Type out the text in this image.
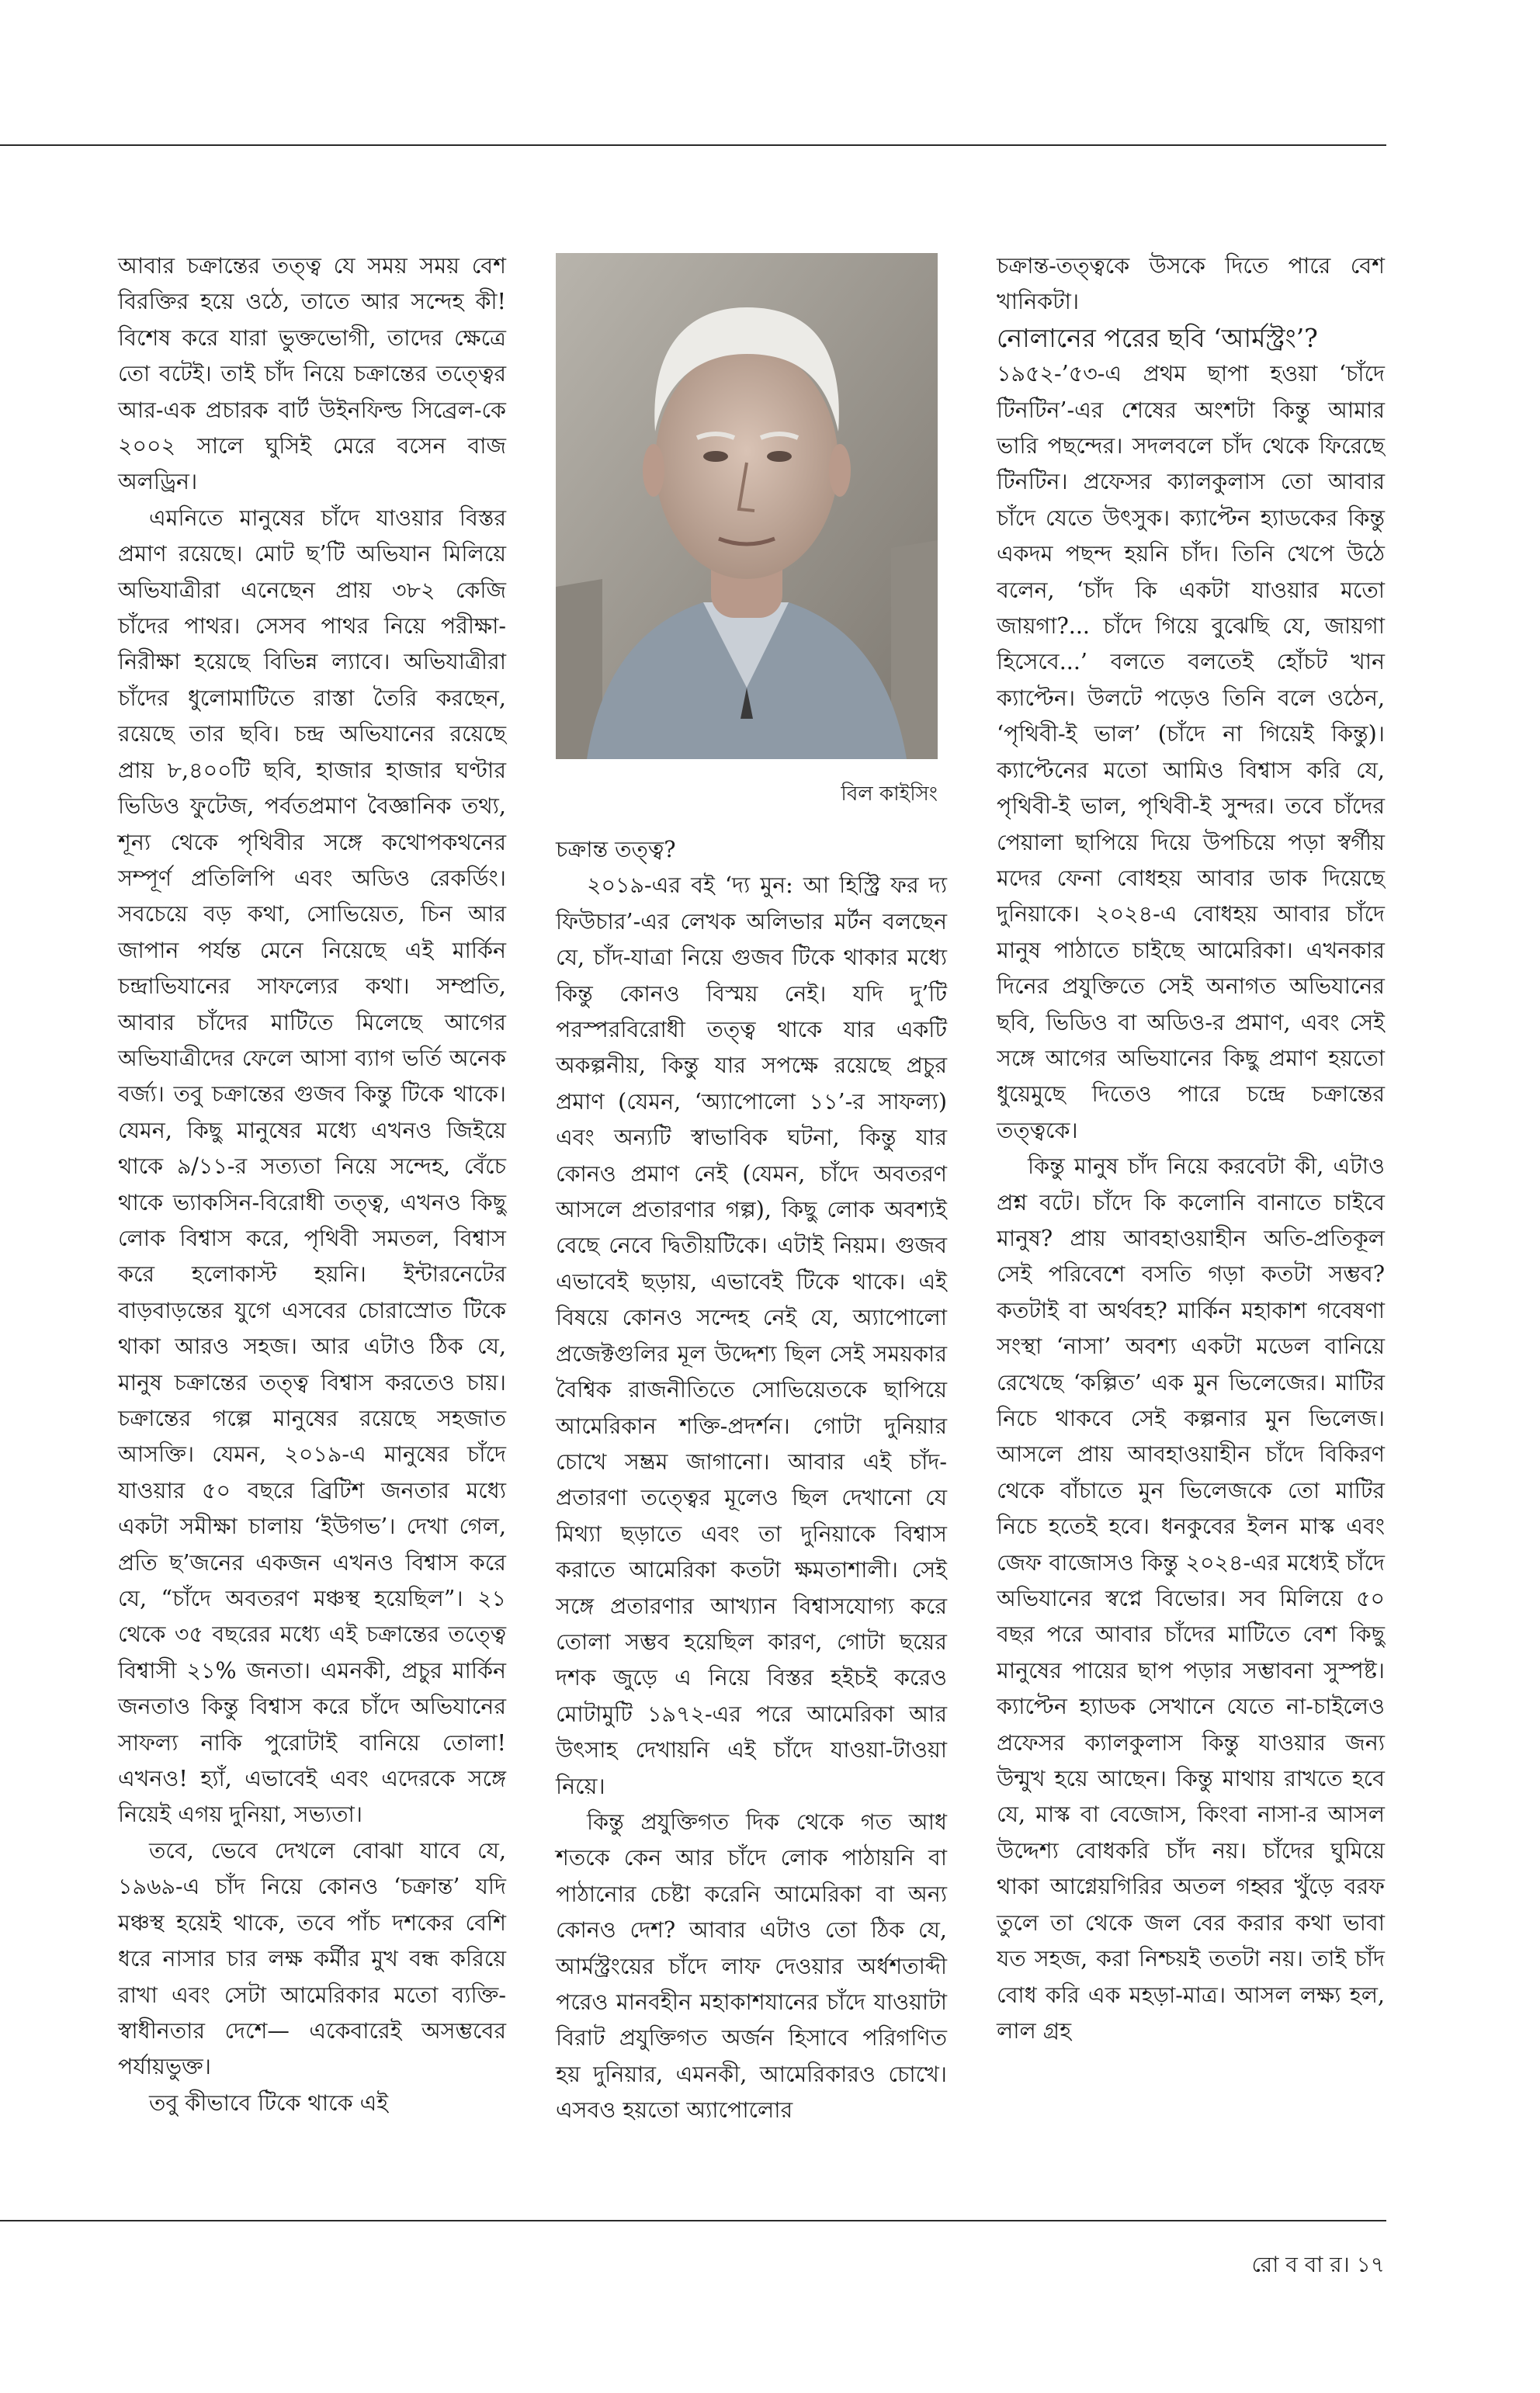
আবার চক্রান্তের তত্ত্ব যে সময় সময় বেশ বিরক্তির হয়ে ওঠে, তাতে আর সন্দেহ কী! বিশেষ করে যারা ভুক্তভোগী, তাদের ক্ষেত্রে তো বটেই। তাই চাঁদ নিয়ে চক্রান্তের তত্ত্বের আর-এক প্রচারক বার্ট উইনফিল্ড সিব্রেল-কে ২০০২ সালে ঘুসিই মেরে বসেন বাজ অলড্রিন।

এমনিতে মানুষের চাঁদে যাওয়ার বিস্তর প্রমাণ রয়েছে। মোট ছ’টি অভিযান মিলিয়ে অভিযাত্রীরা এনেছেন প্রায় ৩৮২ কেজি চাঁদের পাথর। সেসব পাথর নিয়ে পরীক্ষা-নিরীক্ষা হয়েছে বিভিন্ন ল্যাবে। অভিযাত্রীরা চাঁদের ধুলোমাটিতে রাস্তা তৈরি করছেন, রয়েছে তার ছবি। চন্দ্র অভিযানের রয়েছে প্রায় ৮,৪০০টি ছবি, হাজার হাজার ঘণ্টার ভিডিও ফুটেজ, পর্বতপ্রমাণ বৈজ্ঞানিক তথ্য, শূন্য থেকে পৃথিবীর সঙ্গে কথোপকথনের সম্পূর্ণ প্রতিলিপি এবং অডিও রেকর্ডিং। সবচেয়ে বড় কথা, সোভিয়েত, চিন আর জাপান পর্যন্ত মেনে নিয়েছে এই মার্কিন চন্দ্রাভিযানের সাফল্যের কথা। সম্প্রতি, আবার চাঁদের মাটিতে মিলেছে আগের অভিযাত্রীদের ফেলে আসা ব্যাগ ভর্তি অনেক বর্জ্য। তবু চক্রান্তের গুজব কিন্তু টিকে থাকে। যেমন, কিছু মানুষের মধ্যে এখনও জিইয়ে থাকে ৯/১১-র সত্যতা নিয়ে সন্দেহ, বেঁচে থাকে ভ্যাকসিন-বিরোধী তত্ত্ব, এখনও কিছু লোক বিশ্বাস করে, পৃথিবী সমতল, বিশ্বাস করে হলোকাস্ট হয়নি। ইন্টারনেটের বাড়বাড়ন্তের যুগে এসবের চোরাস্রোত টিকে থাকা আরও সহজ। আর এটাও ঠিক যে, মানুষ চক্রান্তের তত্ত্ব বিশ্বাস করতেও চায়। চক্রান্তের গল্পে মানুষের রয়েছে সহজাত আসক্তি। যেমন, ২০১৯-এ মানুষের চাঁদে যাওয়ার ৫০ বছরে ব্রিটিশ জনতার মধ্যে একটা সমীক্ষা চালায় ‘ইউগভ’। দেখা গেল, প্রতি ছ’জনের একজন এখনও বিশ্বাস করে যে, “চাঁদে অবতরণ মঞ্চস্থ হয়েছিল”। ২১ থেকে ৩৫ বছরের মধ্যে এই চক্রান্তের তত্ত্বে বিশ্বাসী ২১% জনতা। এমনকী, প্রচুর মার্কিন জনতাও কিন্তু বিশ্বাস করে চাঁদে অভিযানের সাফল্য নাকি পুরোটাই বানিয়ে তোলা! এখনও! হ্যাঁ, এভাবেই এবং এদেরকে সঙ্গে নিয়েই এগয় দুনিয়া, সভ্যতা।

তবে, ভেবে দেখলে বোঝা যাবে যে, ১৯৬৯-এ চাঁদ নিয়ে কোনও ‘চক্রান্ত’ যদি মঞ্চস্থ হয়েই থাকে, তবে পাঁচ দশকের বেশি ধরে নাসার চার লক্ষ কর্মীর মুখ বন্ধ করিয়ে রাখা এবং সেটা আমেরিকার মতো ব্যক্তি-স্বাধীনতার দেশে— একেবারেই অসম্ভবের পর্যায়ভুক্ত।

তবু কীভাবে টিকে থাকে এই

বিল কাইসিং

চক্রান্ত তত্ত্ব?

২০১৯-এর বই ‘দ্য মুন: আ হিস্ট্রি ফর দ্য ফিউচার’-এর লেখক অলিভার মর্টন বলছেন যে, চাঁদ-যাত্রা নিয়ে গুজব টিকে থাকার মধ্যে কিন্তু কোনও বিস্ময় নেই। যদি দু’টি পরস্পরবিরোধী তত্ত্ব থাকে যার একটি অকল্পনীয়, কিন্তু যার সপক্ষে রয়েছে প্রচুর প্রমাণ (যেমন, ‘অ্যাপোলো ১১’-র সাফল্য) এবং অন্যটি স্বাভাবিক ঘটনা, কিন্তু যার কোনও প্রমাণ নেই (যেমন, চাঁদে অবতরণ আসলে প্রতারণার গল্প), কিছু লোক অবশ্যই বেছে নেবে দ্বিতীয়টিকে। এটাই নিয়ম। গুজব এভাবেই ছড়ায়, এভাবেই টিকে থাকে। এই বিষয়ে কোনও সন্দেহ নেই যে, অ্যাপোলো প্রজেক্টগুলির মূল উদ্দেশ্য ছিল সেই সময়কার বৈশ্বিক রাজনীতিতে সোভিয়েতকে ছাপিয়ে আমেরিকান শক্তি-প্রদর্শন। গোটা দুনিয়ার চোখে সম্ভ্রম জাগানো। আবার এই চাঁদ-প্রতারণা তত্ত্বের মূলেও ছিল দেখানো যে মিথ্যা ছড়াতে এবং তা দুনিয়াকে বিশ্বাস করাতে আমেরিকা কতটা ক্ষমতাশালী। সেই সঙ্গে প্রতারণার আখ্যান বিশ্বাসযোগ্য করে তোলা সম্ভব হয়েছিল কারণ, গোটা ছয়ের দশক জুড়ে এ নিয়ে বিস্তর হইচই করেও মোটামুটি ১৯৭২-এর পরে আমেরিকা আর উৎসাহ দেখায়নি এই চাঁদে যাওয়া-টাওয়া নিয়ে।

কিন্তু প্রযুক্তিগত দিক থেকে গত আধ শতকে কেন আর চাঁদে লোক পাঠায়নি বা পাঠানোর চেষ্টা করেনি আমেরিকা বা অন্য কোনও দেশ? আবার এটাও তো ঠিক যে, আর্মস্ট্রংয়ের চাঁদে লাফ দেওয়ার অর্ধশতাব্দী পরেও মানবহীন মহাকাশযানের চাঁদে যাওয়াটা বিরাট প্রযুক্তিগত অর্জন হিসাবে পরিগণিত হয় দুনিয়ার, এমনকী, আমেরিকারও চোখে। এসবও হয়তো অ্যাপোলোর

চক্রান্ত-তত্ত্বকে উসকে দিতে পারে বেশ খানিকটা।

নোলানের পরের ছবি ‘আর্মস্ট্রং’?

১৯৫২-’৫৩-এ প্রথম ছাপা হওয়া ‘চাঁদে টিনটিন’-এর শেষের অংশটা কিন্তু আমার ভারি পছন্দের। সদলবলে চাঁদ থেকে ফিরেছে টিনটিন। প্রফেসর ক্যালকুলাস তো আবার চাঁদে যেতে উৎসুক। ক্যাপ্টেন হ্যাডকের কিন্তু একদম পছন্দ হয়নি চাঁদ। তিনি খেপে উঠে বলেন, ‘চাঁদ কি একটা যাওয়ার মতো জায়গা?... চাঁদে গিয়ে বুঝেছি যে, জায়গা হিসেবে...’ বলতে বলতেই হোঁচট খান ক্যাপ্টেন। উলটে পড়েও তিনি বলে ওঠেন, ‘পৃথিবী-ই ভাল’ (চাঁদে না গিয়েই কিন্তু)। ক্যাপ্টেনের মতো আমিও বিশ্বাস করি যে, পৃথিবী-ই ভাল, পৃথিবী-ই সুন্দর। তবে চাঁদের পেয়ালা ছাপিয়ে দিয়ে উপচিয়ে পড়া স্বর্গীয় মদের ফেনা বোধহয় আবার ডাক দিয়েছে দুনিয়াকে। ২০২৪-এ বোধহয় আবার চাঁদে মানুষ পাঠাতে চাইছে আমেরিকা। এখনকার দিনের প্রযুক্তিতে সেই অনাগত অভিযানের ছবি, ভিডিও বা অডিও-র প্রমাণ, এবং সেই সঙ্গে আগের অভিযানের কিছু প্রমাণ হয়তো ধুয়েমুছে দিতেও পারে চন্দ্রে চক্রান্তের তত্ত্বকে।

কিন্তু মানুষ চাঁদ নিয়ে করবেটা কী, এটাও প্রশ্ন বটে। চাঁদে কি কলোনি বানাতে চাইবে মানুষ? প্রায় আবহাওয়াহীন অতি-প্রতিকূল সেই পরিবেশে বসতি গড়া কতটা সম্ভব? কতটাই বা অর্থবহ? মার্কিন মহাকাশ গবেষণা সংস্থা ‘নাসা’ অবশ্য একটা মডেল বানিয়ে রেখেছে ‘কল্পিত’ এক মুন ভিলেজের। মাটির নিচে থাকবে সেই কল্পনার মুন ভিলেজ। আসলে প্রায় আবহাওয়াহীন চাঁদে বিকিরণ থেকে বাঁচাতে মুন ভিলেজকে তো মাটির নিচে হতেই হবে। ধনকুবের ইলন মাস্ক এবং জেফ বাজোসও কিন্তু ২০২৪-এর মধ্যেই চাঁদে অভিযানের স্বপ্নে বিভোর। সব মিলিয়ে ৫০ বছর পরে আবার চাঁদের মাটিতে বেশ কিছু মানুষের পায়ের ছাপ পড়ার সম্ভাবনা সুস্পষ্ট। ক্যাপ্টেন হ্যাডক সেখানে যেতে না-চাইলেও প্রফেসর ক্যালকুলাস কিন্তু যাওয়ার জন্য উন্মুখ হয়ে আছেন। কিন্তু মাথায় রাখতে হবে যে, মাস্ক বা বেজোস, কিংবা নাসা-র আসল উদ্দেশ্য বোধকরি চাঁদ নয়। চাঁদের ঘুমিয়ে থাকা আগ্নেয়গিরির অতল গহ্বর খুঁড়ে বরফ তুলে তা থেকে জল বের করার কথা ভাবা যত সহজ, করা নিশ্চয়ই ততটা নয়। তাই চাঁদ বোধ করি এক মহড়া-মাত্র। আসল লক্ষ্য হল, লাল গ্রহ

রো ব বা র। ১৭
